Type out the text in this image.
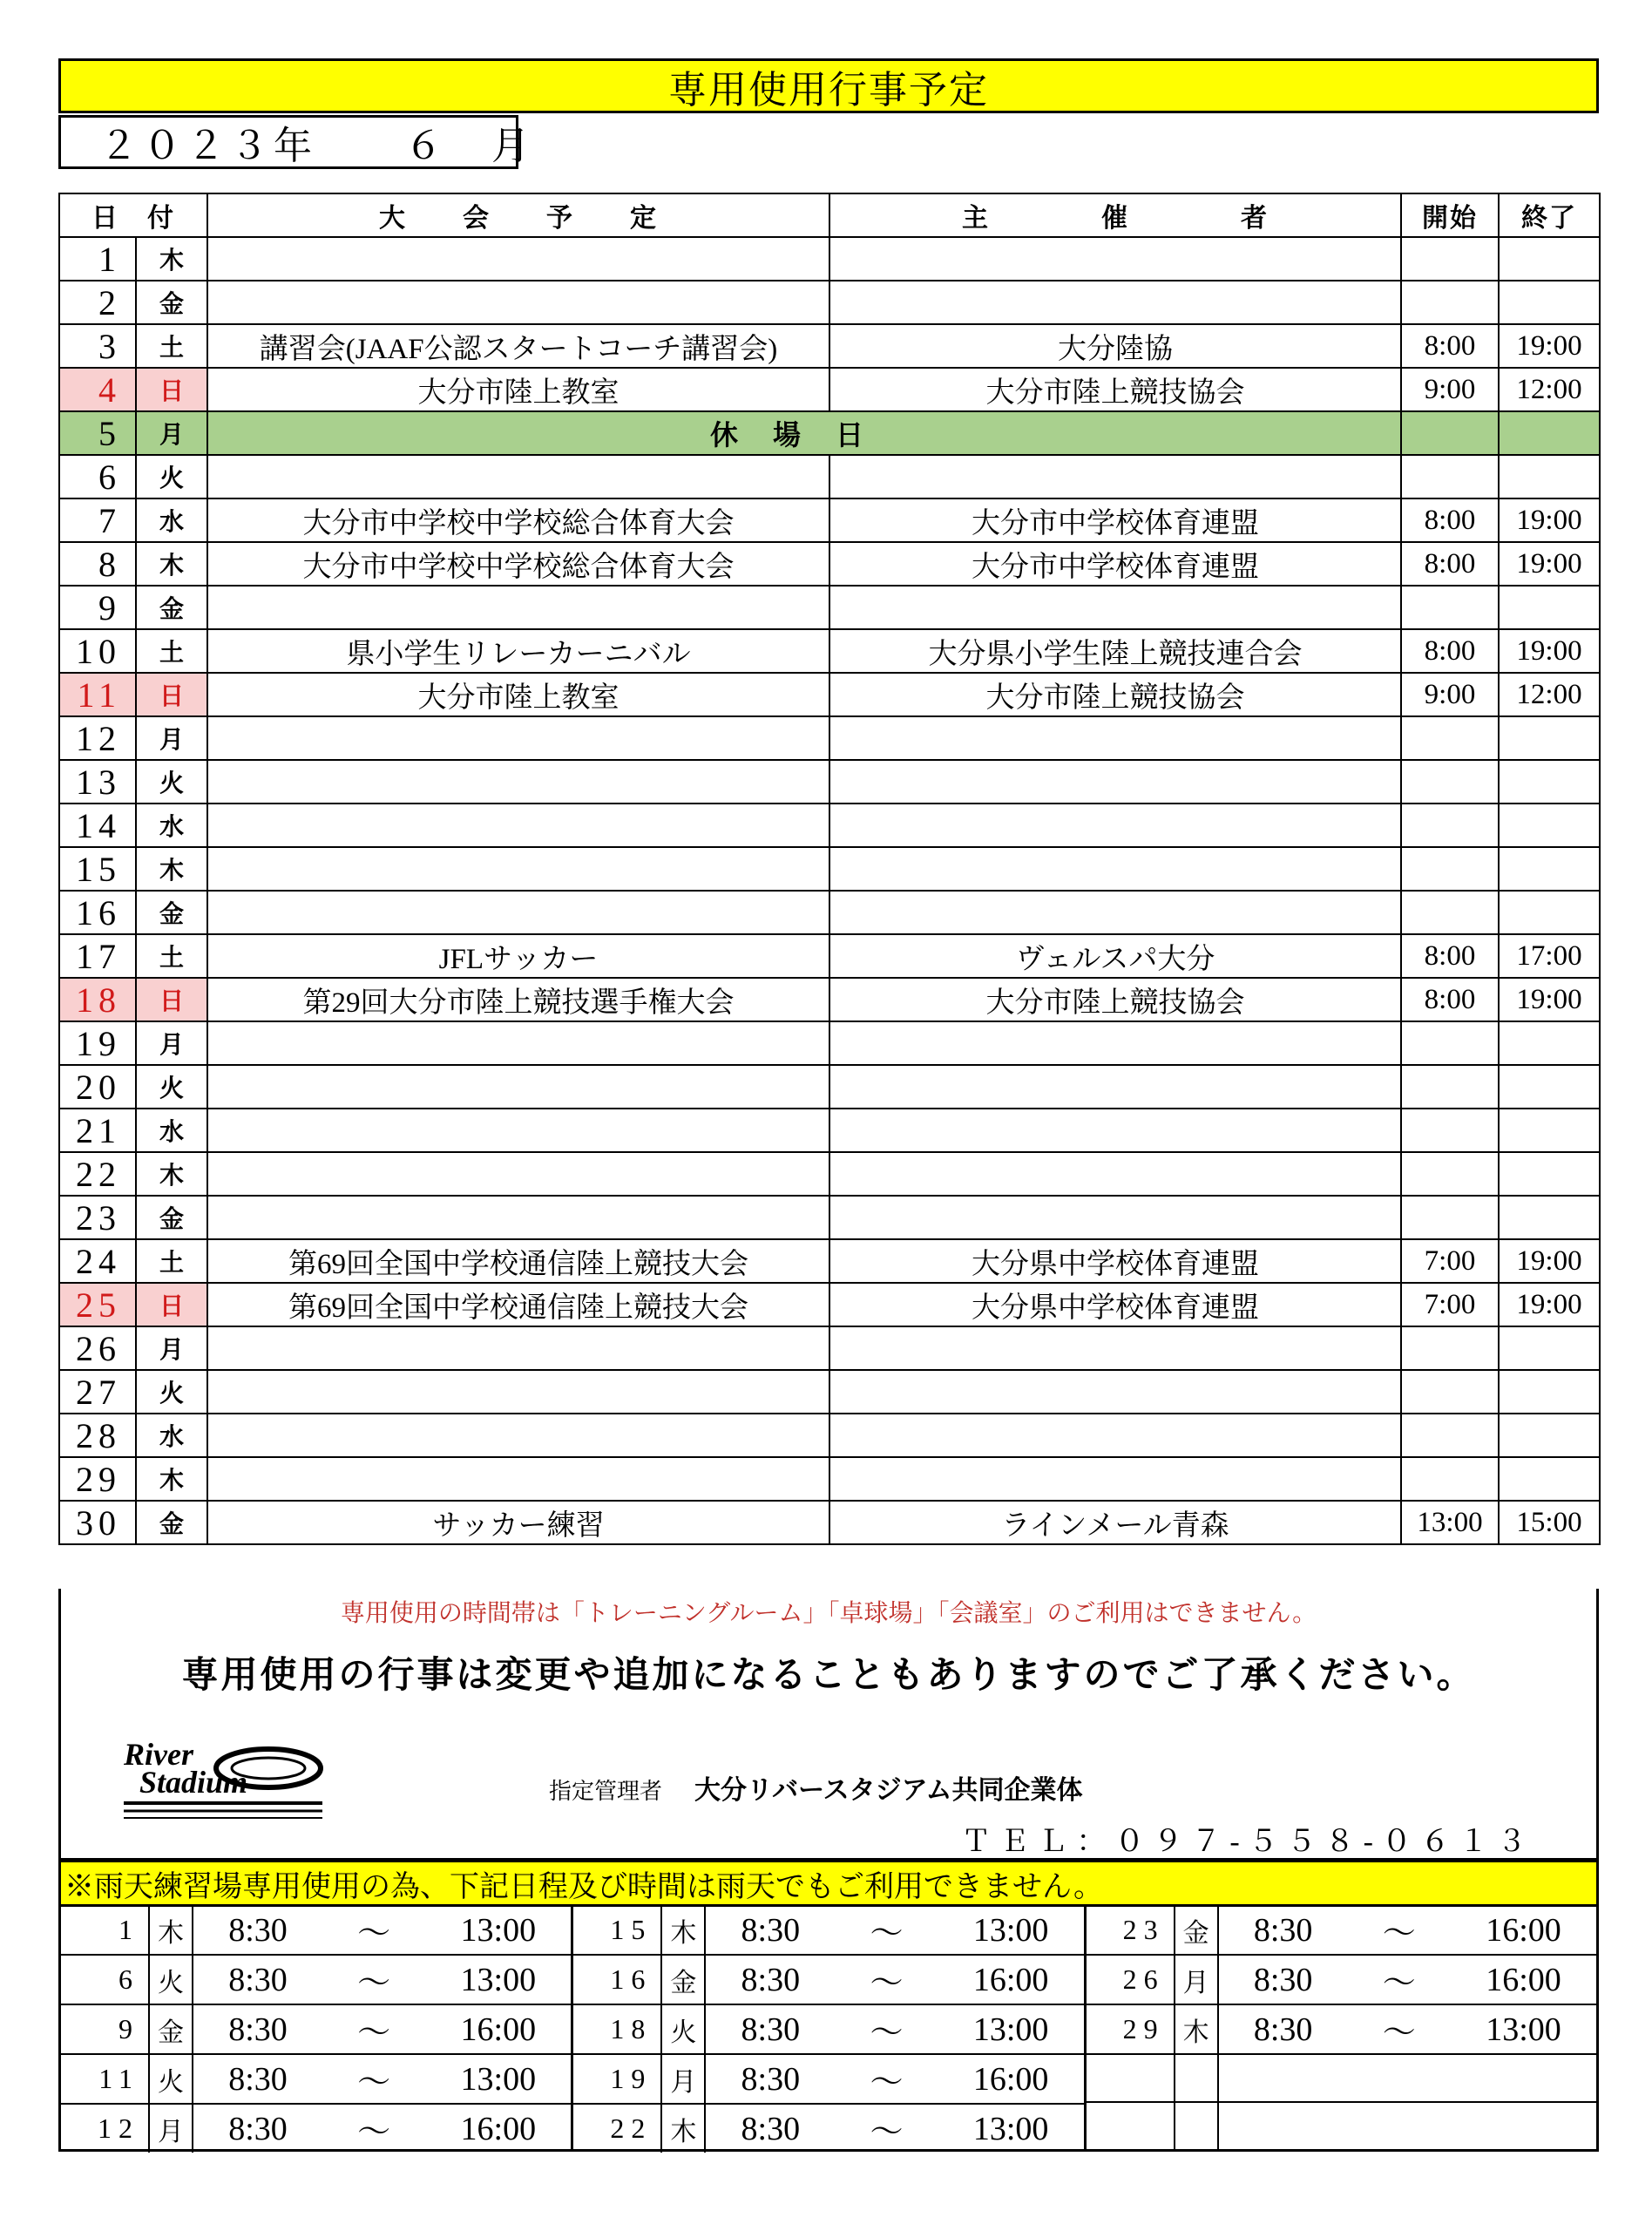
専用使用行事予定
２０２３年　　６　月
日　付		大　　会　　予　　定	主　　　　催　　　　者	開始	終了
1	木				
2	金				
3	土	講習会(JAAF公認スタートコーチ講習会)	大分陸協	8:00	19:00
4	日	大分市陸上教室	大分市陸上競技協会	9:00	12:00
5	月	休場日			
6	火				
7	水	大分市中学校中学校総合体育大会	大分市中学校体育連盟	8:00	19:00
8	木	大分市中学校中学校総合体育大会	大分市中学校体育連盟	8:00	19:00
9	金				
10	土	県小学生リレーカーニバル	大分県小学生陸上競技連合会	8:00	19:00
11	日	大分市陸上教室	大分市陸上競技協会	9:00	12:00
12	月				
13	火				
14	水				
15	木				
16	金				
17	土	JFLサッカー	ヴェルスパ大分	8:00	17:00
18	日	第29回大分市陸上競技選手権大会	大分市陸上競技協会	8:00	19:00
19	月				
20	火				
21	水				
22	木				
23	金				
24	土	第69回全国中学校通信陸上競技大会	大分県中学校体育連盟	7:00	19:00
25	日	第69回全国中学校通信陸上競技大会	大分県中学校体育連盟	7:00	19:00
26	月				
27	火				
28	水				
29	木				
30	金	サッカー練習	ラインメール青森	13:00	15:00
専用使用の時間帯は「トレーニングルーム」「卓球場」「会議室」のご利用はできません。
専用使用の行事は変更や追加になることもありますのでご了承ください。
River
Stadium	指定管理者 大分リバースタジアム共同企業体
ＴＥＬ：０９７-５５８-０６１３
※雨天練習場専用使用の為、下記日程及び時間は雨天でもご利用できません。
1 木 8:30 ～ 13:00
6 火 8:30 ～ 13:00
9 金 8:30 ～ 16:00
11 火 8:30 ～ 13:00
12 月 8:30 ～ 16:00
15 木 8:30 ～ 13:00
16 金 8:30 ～ 16:00
18 火 8:30 ～ 13:00
19 月 8:30 ～ 16:00
22 木 8:30 ～ 13:00
23 金 8:30 ～ 16:00
26 月 8:30 ～ 16:00
29 木 8:30 ～ 13:00
